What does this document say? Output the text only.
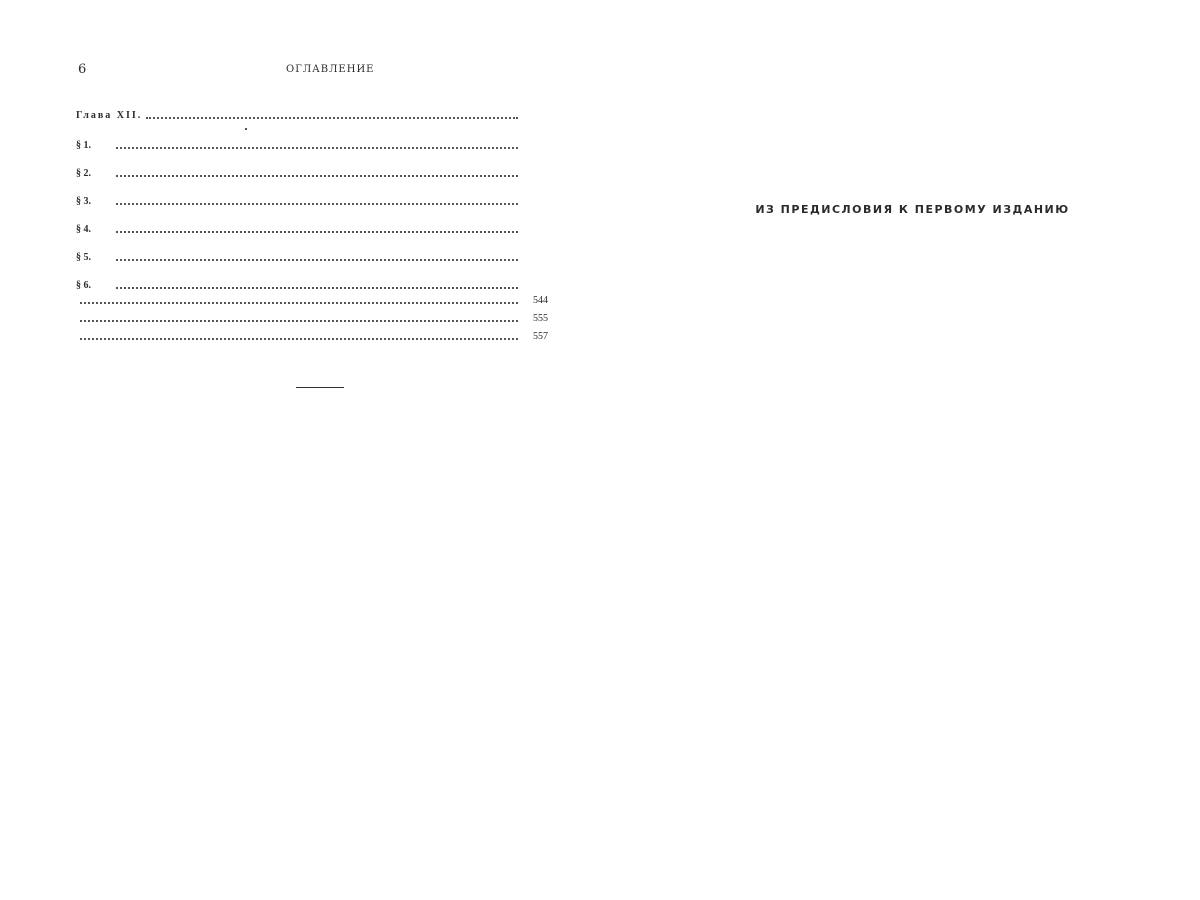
6	ОГЛАВЛЕНИЕ
Глава XII.
§ 1.
§ 2.
§ 3.
§ 4.
§ 5.
§ 6.
544
555
557
ИЗ ПРЕДИСЛОВИЯ К ПЕРВОМУ ИЗДАНИЮ
